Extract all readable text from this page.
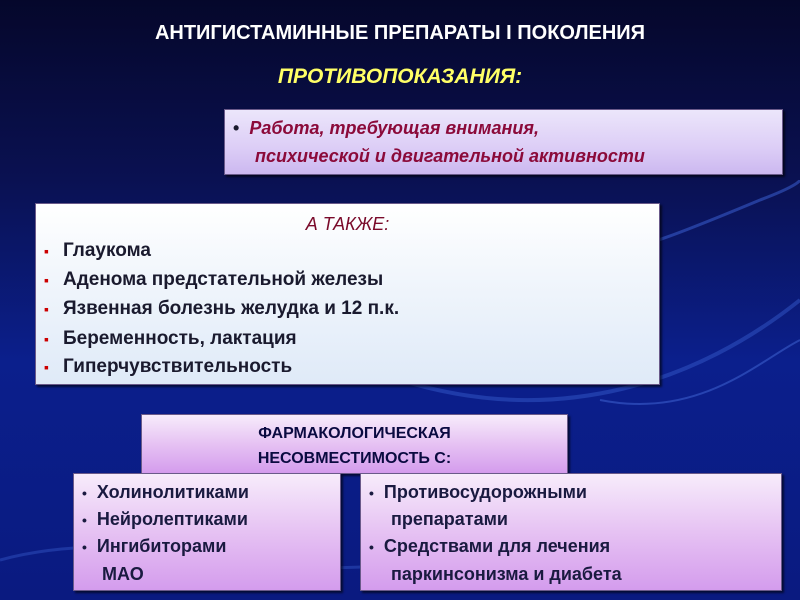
АНТИГИСТАМИННЫЕ ПРЕПАРАТЫ I ПОКОЛЕНИЯ
ПРОТИВОПОКАЗАНИЯ:
• Работа, требующая внимания,
психической и двигательной активности
А ТАКЖЕ:
▪ Глаукома
▪ Аденома предстательной железы
▪ Язвенная болезнь желудка и 12 п.к.
▪ Беременность, лактация
▪ Гиперчувствительность
ФАРМАКОЛОГИЧЕСКАЯ
НЕСОВМЕСТИМОСТЬ С:
• Холинолитиками
• Нейролептиками
• Ингибиторами
МАО
• Противосудорожными
препаратами
• Средствами для лечения
паркинсонизма и диабета
